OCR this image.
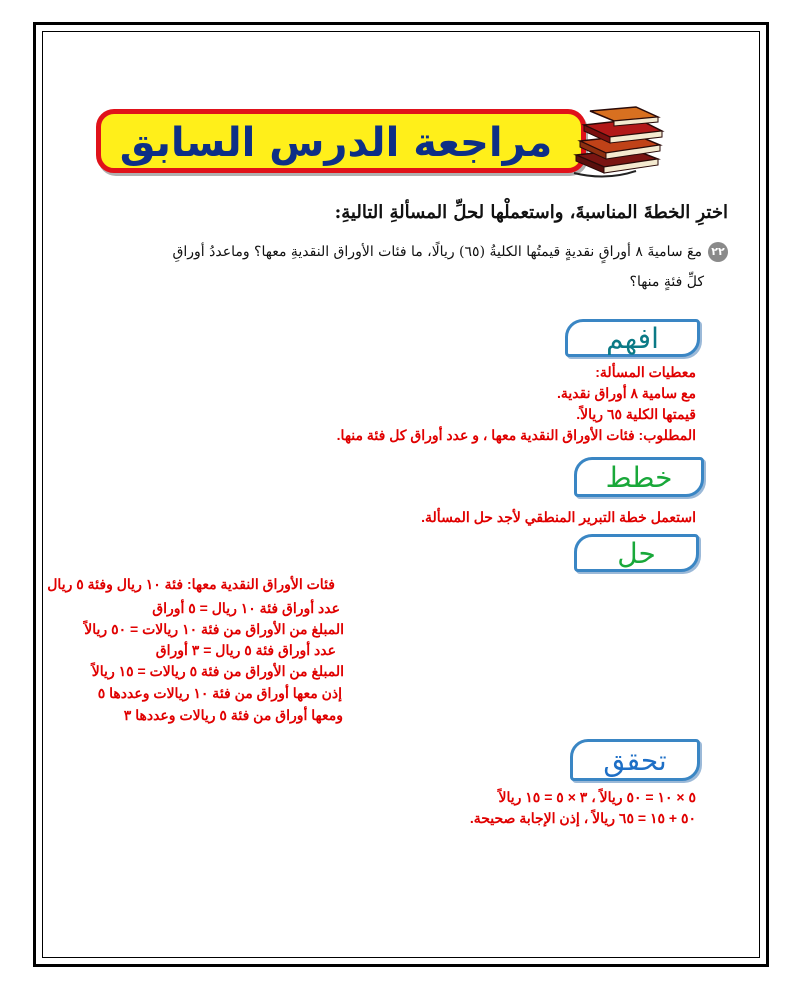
مراجعة الدرس السابق
اخترِ الخطةَ المناسبةَ، واستعملْها لحلِّ المسألةِ التاليةِ:
٢٢معَ ساميةَ ٨ أوراقٍ نقديةٍ قيمتُها الكليةُ (٦٥) ريالًا، ما فئات الأوراق النقديةِ معها؟ وماعددُ أوراقِ
كلِّ فئةٍ منها؟
افهم
معطيات المسألة:
مع سامية ٨ أوراق نقدية.
قيمتها الكلية ٦٥ ريالاً.
المطلوب: فئات الأوراق النقدية معها ، و عدد أوراق كل فئة منها.
خطط
استعمل خطة التبرير المنطقي لأجد حل المسألة.
حل
فئات الأوراق النقدية معها: فئة ١٠ ريال وفئة ٥ ريال
عدد أوراق فئة ١٠ ريال = ٥ أوراق
المبلغ من الأوراق من فئة ١٠ ريالات = ٥٠ ريالاً
عدد أوراق فئة ٥ ريال = ٣ أوراق
المبلغ من الأوراق من فئة ٥ ريالات = ١٥ ريالاً
إذن معها أوراق من فئة ١٠ ريالات وعددها ٥
ومعها أوراق من فئة ٥ ريالات وعددها ٣
تحقق
٥ × ١٠ = ٥٠ ريالاً ، ٣ × ٥ = ١٥ ريالاً
٥٠ + ١٥ = ٦٥ ريالاً ، إذن الإجابة صحيحة.
